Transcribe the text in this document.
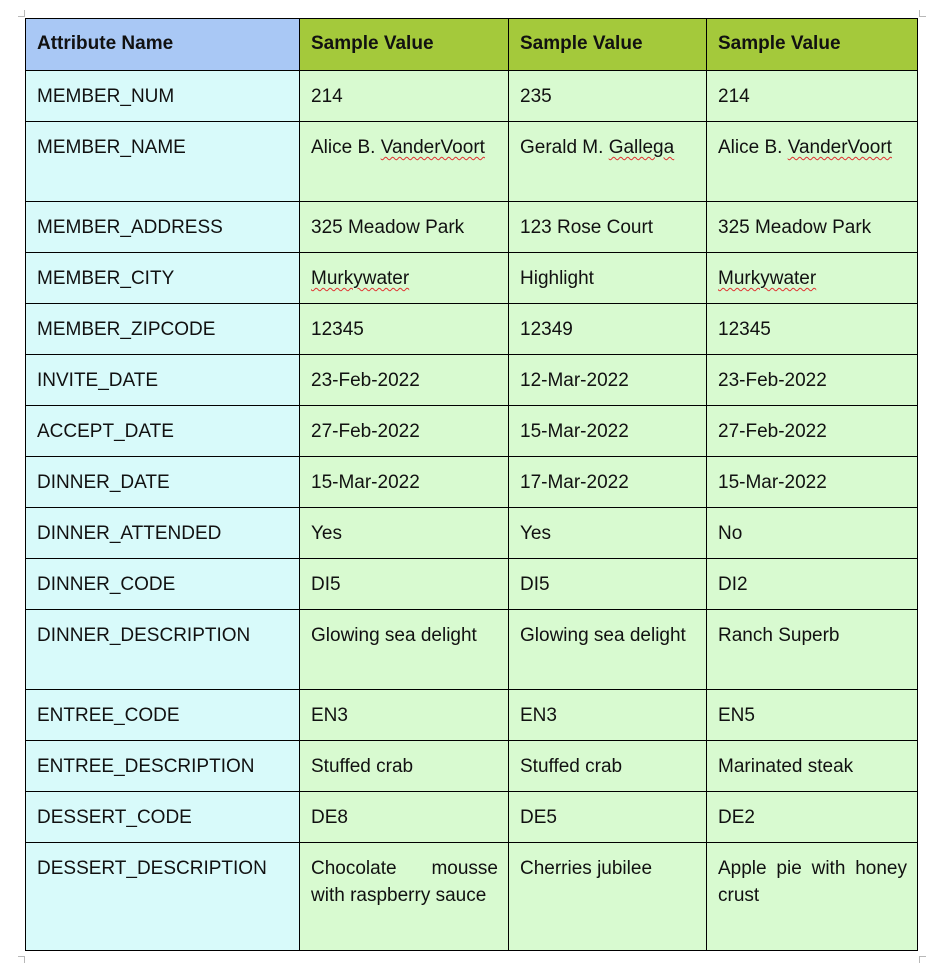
Attribute Name	Sample Value	Sample Value	Sample Value
MEMBER_NUM	214	235	214
MEMBER_NAME	Alice B. VanderVoort	Gerald M. Gallega	Alice B. VanderVoort
MEMBER_ADDRESS	325 Meadow Park	123 Rose Court	325 Meadow Park
MEMBER_CITY	Murkywater	Highlight	Murkywater
MEMBER_ZIPCODE	12345	12349	12345
INVITE_DATE	23-Feb-2022	12-Mar-2022	23-Feb-2022
ACCEPT_DATE	27-Feb-2022	15-Mar-2022	27-Feb-2022
DINNER_DATE	15-Mar-2022	17-Mar-2022	15-Mar-2022
DINNER_ATTENDED	Yes	Yes	No
DINNER_CODE	DI5	DI5	DI2
DINNER_DESCRIPTION	Glowing sea delight	Glowing sea delight	Ranch Superb
ENTREE_CODE	EN3	EN3	EN5
ENTREE_DESCRIPTION	Stuffed crab	Stuffed crab	Marinated steak
DESSERT_CODE	DE8	DE5	DE2
DESSERT_DESCRIPTION	Chocolate mousse with raspberry sauce	Cherries jubilee	Apple pie with honey crust
